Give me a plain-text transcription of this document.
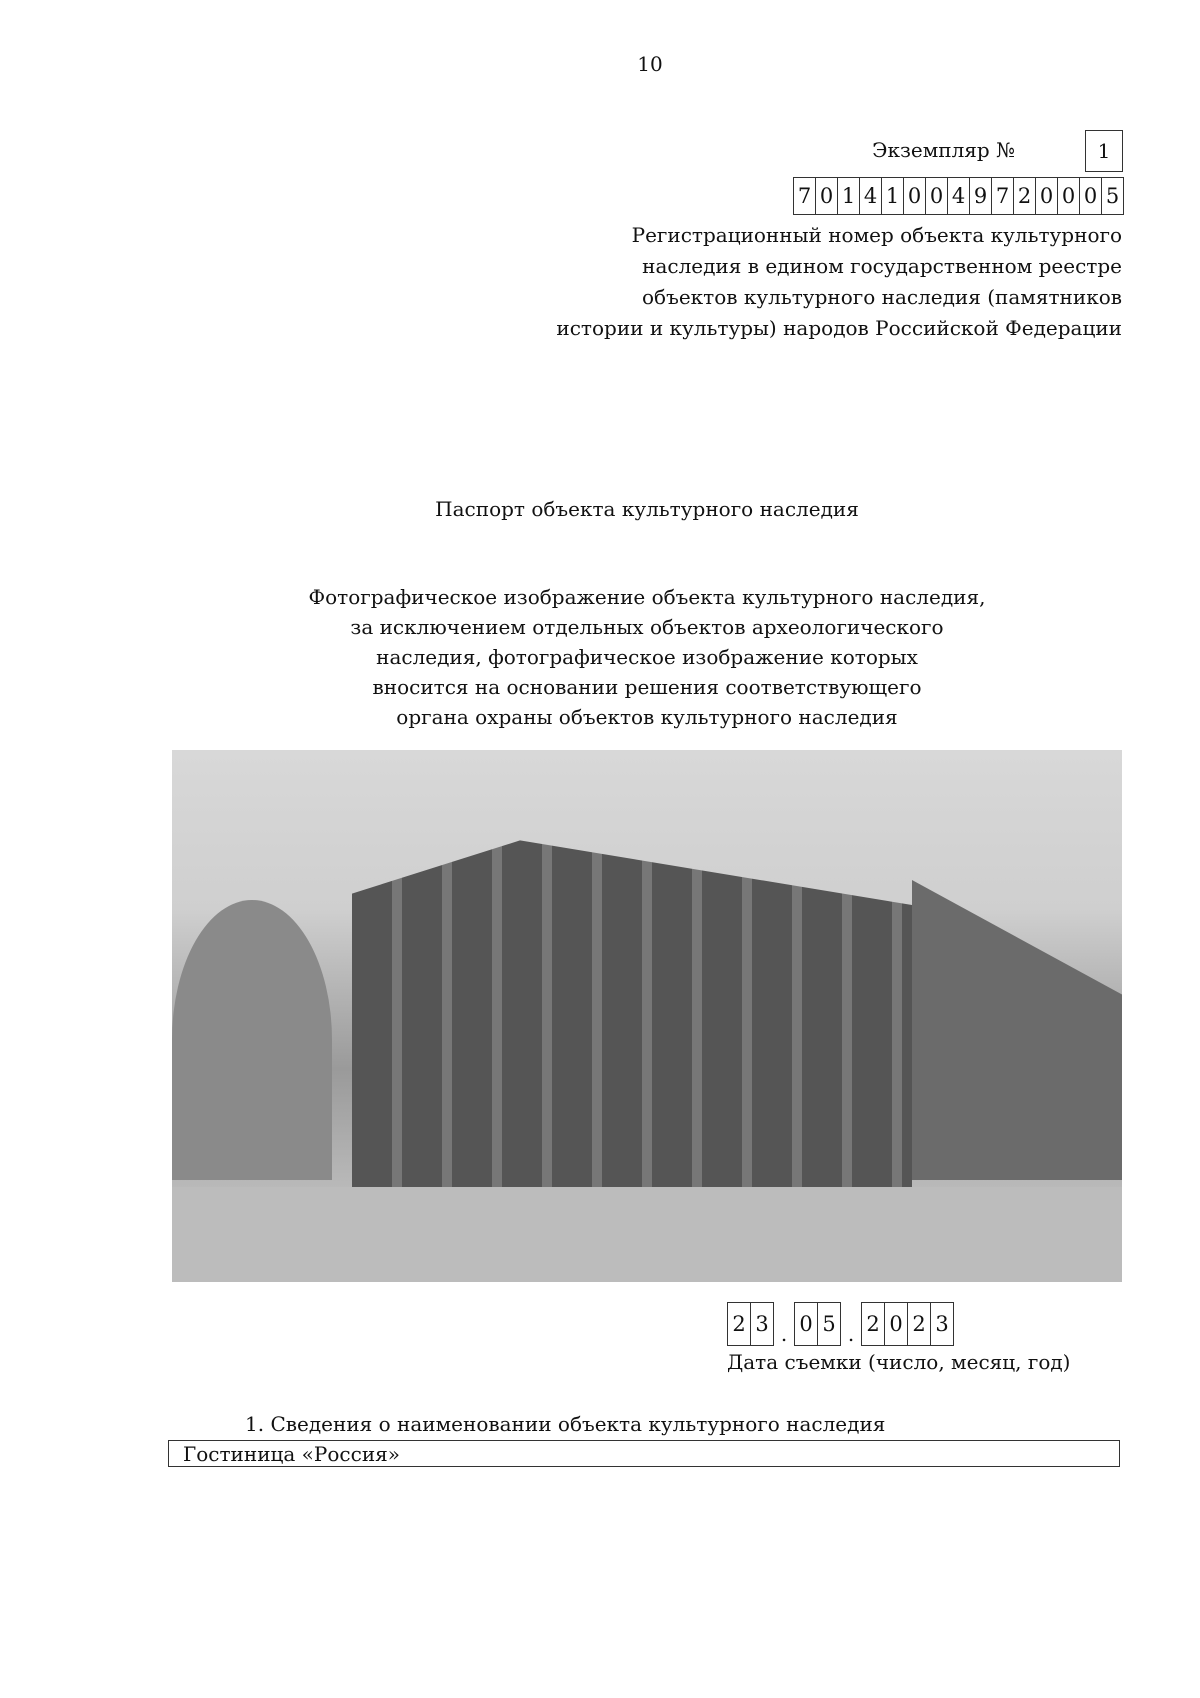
10
Экземпляр №	1
7 0 1 4 1 0 0 4 9 7 2 0 0 0 5
Регистрационный номер объекта культурного
наследия в едином государственном реестре
объектов культурного наследия (памятников
истории и культуры) народов Российской Федерации
Паспорт объекта культурного наследия
Фотографическое изображение объекта культурного наследия,
за исключением отдельных объектов археологического
наследия, фотографическое изображение которых
вносится на основании решения соответствующего
органа охраны объектов культурного наследия
2 3 . 0 5 . 2 0 2 3
Дата съемки (число, месяц, год)
1. Сведения о наименовании объекта культурного наследия
Гостиница «Россия»
